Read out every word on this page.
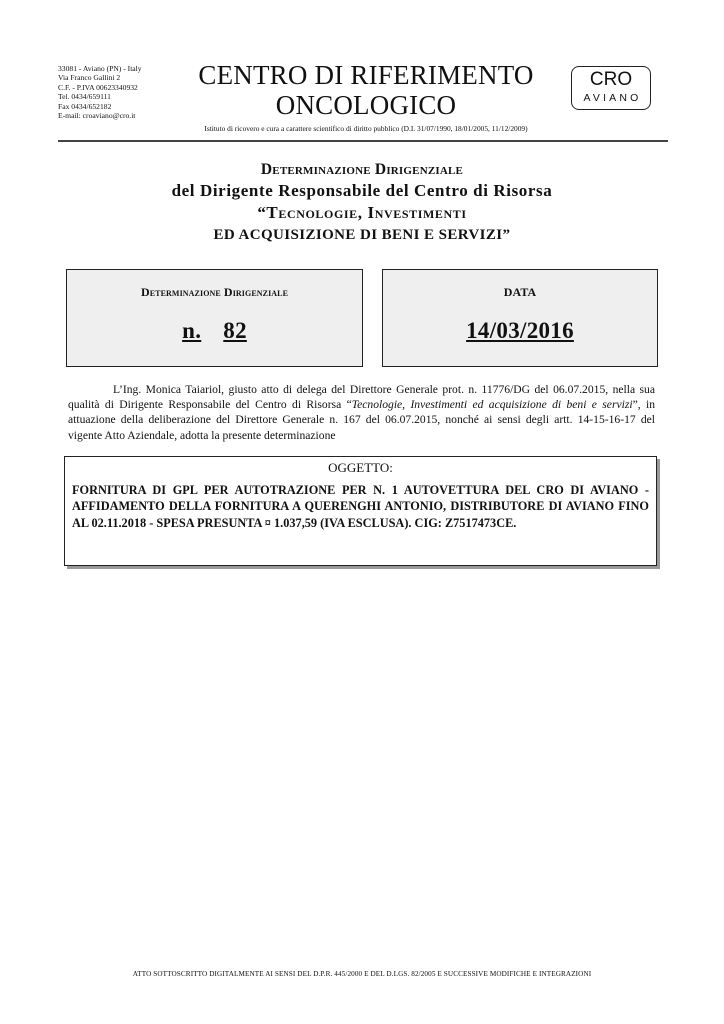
33081 - Aviano (PN) - Italy
Via Franco Gallini 2
C.F. - P.IVA 00623340932
Tel. 0434/659111
Fax 0434/652182
E-mail: croaviano@cro.it
CENTRO DI RIFERIMENTO
ONCOLOGICO
Istituto di ricovero e cura a carattere scientifico di diritto pubblico (D.I. 31/07/1990, 18/01/2005, 11/12/2009)
CRO
AVIANO
Determinazione Dirigenziale
del Dirigente Responsabile del Centro di Risorsa
“Tecnologie, Investimenti
ED ACQUISIZIONE DI BENI E SERVIZI”
Determinazione Dirigenziale
n. 82
DATA
14/03/2016

L’Ing. Monica Taiariol, giusto atto di delega del Direttore Generale prot. n. 11776/DG del 06.07.2015, nella sua qualità di Dirigente Responsabile del Centro di Risorsa “Tecnologie, Investimenti ed acquisizione di beni e servizi”, in attuazione della deliberazione del Direttore Generale n. 167 del 06.07.2015, nonché ai sensi degli artt. 14-15-16-17 del vigente Atto Aziendale, adotta la presente determinazione

OGGETTO:
FORNITURA DI GPL PER AUTOTRAZIONE PER N. 1 AUTOVETTURA DEL CRO DI AVIANO - AFFIDAMENTO DELLA FORNITURA A QUERENGHI ANTONIO, DISTRIBUTORE DI AVIANO FINO AL 02.11.2018 - SPESA PRESUNTA ¤ 1.037,59 (IVA ESCLUSA). CIG: Z7517473CE.
ATTO SOTTOSCRITTO DIGITALMENTE AI SENSI DEL D.P.R. 445/2000 E DEL D.LGS. 82/2005 E SUCCESSIVE MODIFICHE E INTEGRAZIONI
